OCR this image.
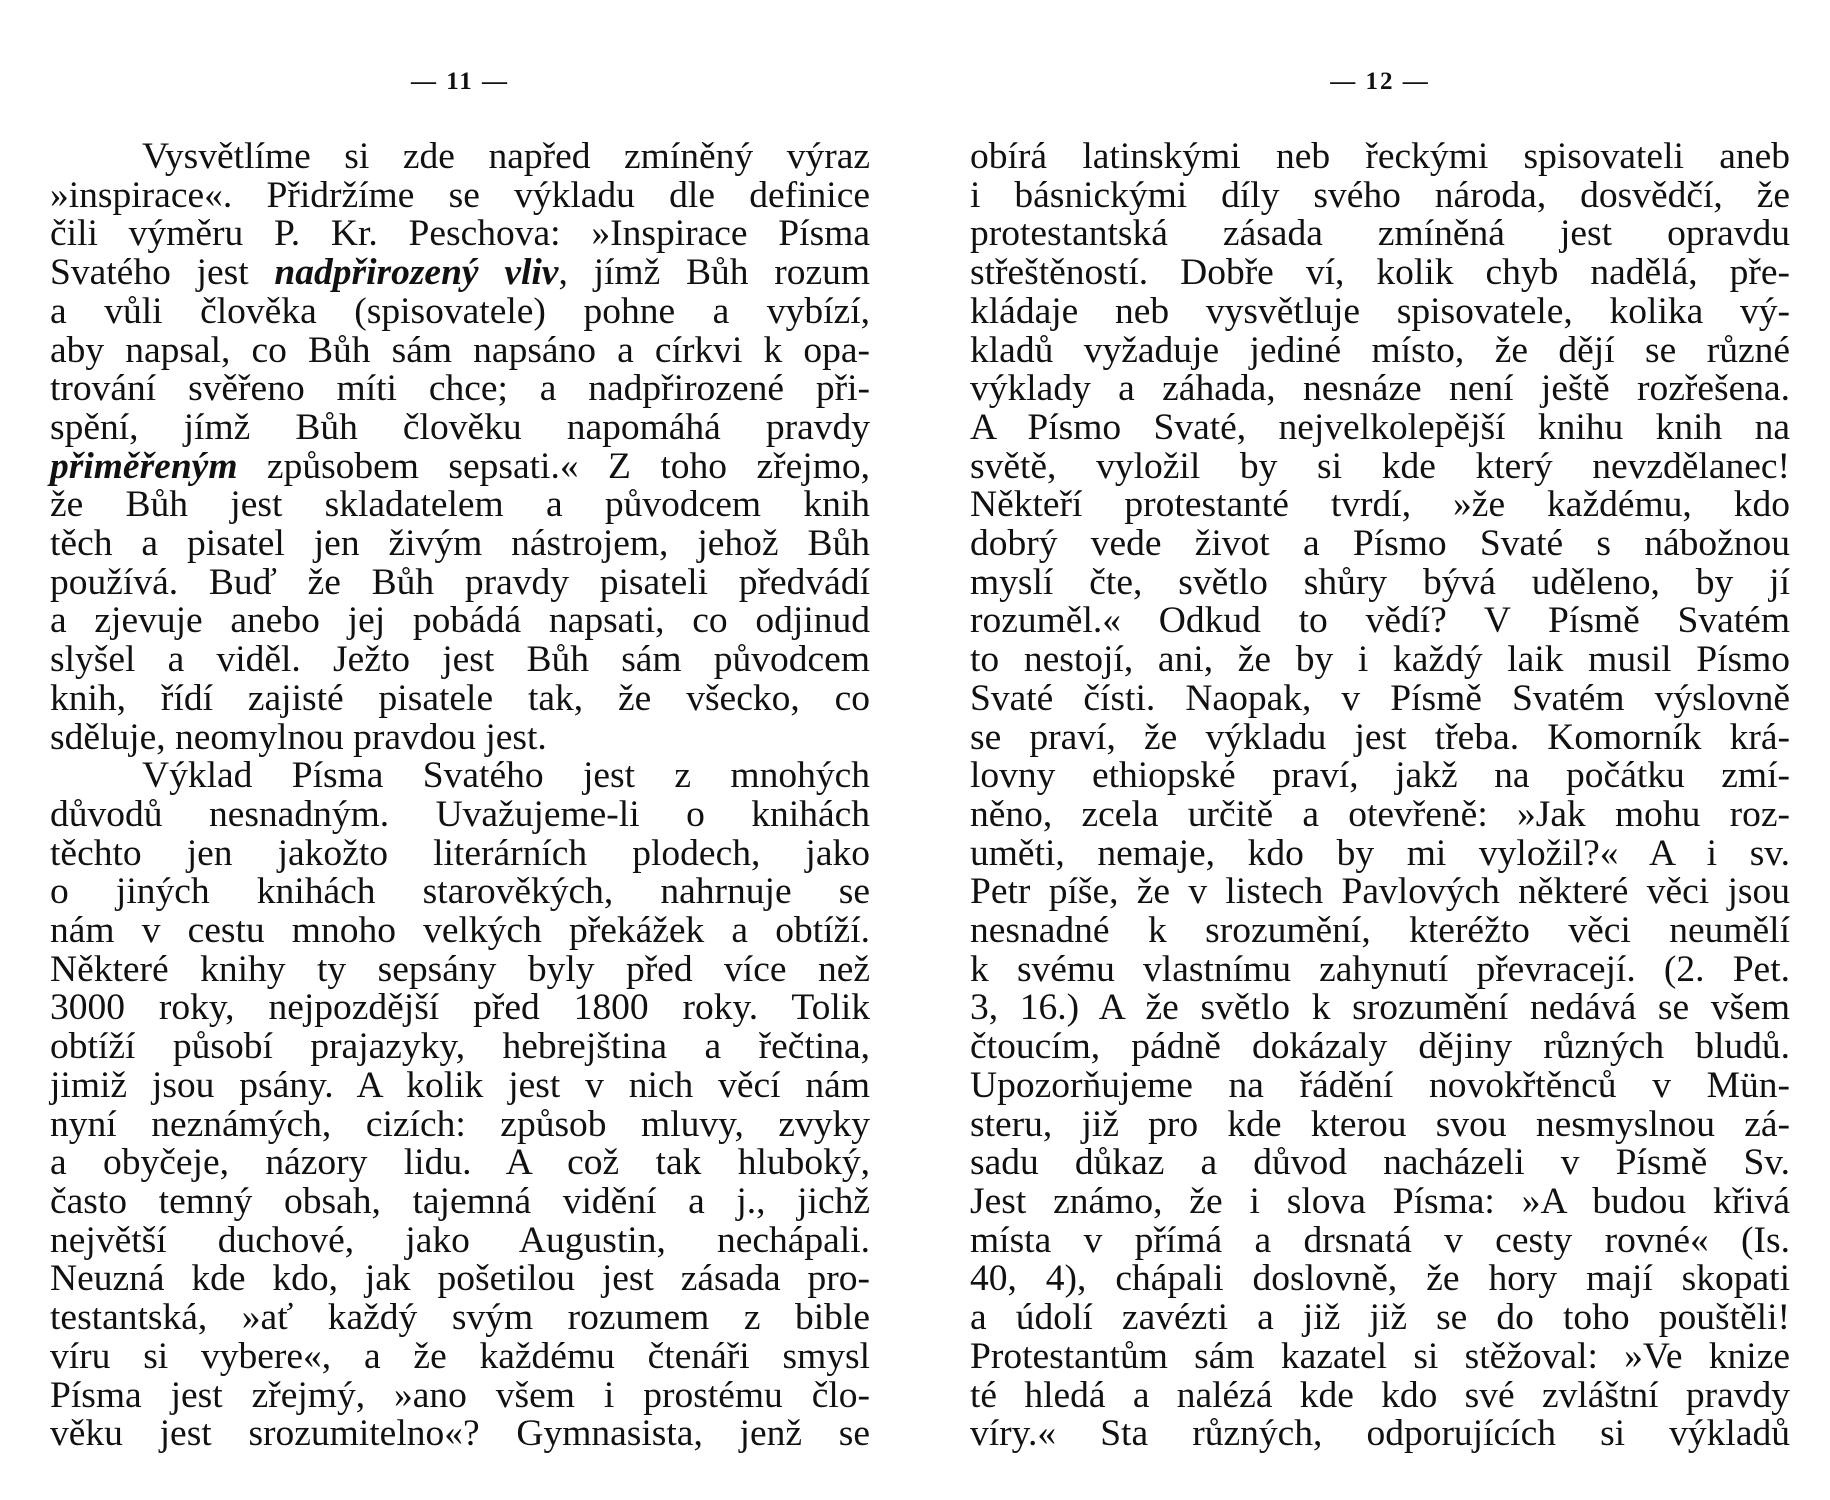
— 11 —
Vysvětlíme si zde napřed zmíněný výraz
»inspirace«. Přidržíme se výkladu dle definice
čili výměru P. Kr. Peschova: »Inspirace Písma
Svatého jest nadpřirozený vliv, jímž Bůh rozum
a vůli člověka (spisovatele) pohne a vybízí,
aby napsal, co Bůh sám napsáno a církvi k opa-
trování svěřeno míti chce; a nadpřirozené při-
spění, jímž Bůh člověku napomáhá pravdy
přiměřeným způsobem sepsati.« Z toho zřejmo,
že Bůh jest skladatelem a původcem knih
těch a pisatel jen živým nástrojem, jehož Bůh
používá. Buď že Bůh pravdy pisateli předvádí
a zjevuje anebo jej pobádá napsati, co odjinud
slyšel a viděl. Ježto jest Bůh sám původcem
knih, řídí zajisté pisatele tak, že všecko, co
sděluje, neomylnou pravdou jest.
Výklad Písma Svatého jest z mnohých
důvodů nesnadným. Uvažujeme-li o knihách
těchto jen jakožto literárních plodech, jako
o jiných knihách starověkých, nahrnuje se
nám v cestu mnoho velkých překážek a obtíží.
Některé knihy ty sepsány byly před více než
3000 roky, nejpozdější před 1800 roky. Tolik
obtíží působí prajazyky, hebrejština a řečtina,
jimiž jsou psány. A kolik jest v nich věcí nám
nyní neznámých, cizích: způsob mluvy, zvyky
a obyčeje, názory lidu. A což tak hluboký,
často temný obsah, tajemná vidění a j., jichž
největší duchové, jako Augustin, nechápali.
Neuzná kde kdo, jak pošetilou jest zásada pro-
testantská, »ať každý svým rozumem z bible
víru si vybere«, a že každému čtenáři smysl
Písma jest zřejmý, »ano všem i prostému člo-
věku jest srozumitelno«? Gymnasista, jenž se
— 12 —
obírá latinskými neb řeckými spisovateli aneb
i básnickými díly svého národa, dosvědčí, že
protestantská zásada zmíněná jest opravdu
střeštěností. Dobře ví, kolik chyb nadělá, pře-
kládaje neb vysvětluje spisovatele, kolika vý-
kladů vyžaduje jediné místo, že dějí se různé
výklady a záhada, nesnáze není ještě rozřešena.
A Písmo Svaté, nejvelkolepější knihu knih na
světě, vyložil by si kde který nevzdělanec!
Někteří protestanté tvrdí, »že každému, kdo
dobrý vede život a Písmo Svaté s nábožnou
myslí čte, světlo shůry bývá uděleno, by jí
rozuměl.« Odkud to vědí? V Písmě Svatém
to nestojí, ani, že by i každý laik musil Písmo
Svaté čísti. Naopak, v Písmě Svatém výslovně
se praví, že výkladu jest třeba. Komorník krá-
lovny ethiopské praví, jakž na počátku zmí-
něno, zcela určitě a otevřeně: »Jak mohu roz-
uměti, nemaje, kdo by mi vyložil?« A i sv.
Petr píše, že v listech Pavlových některé věci jsou
nesnadné k srozumění, kteréžto věci neumělí
k svému vlastnímu zahynutí převracejí. (2. Pet.
3, 16.) A že světlo k srozumění nedává se všem
čtoucím, pádně dokázaly dějiny různých bludů.
Upozorňujeme na řádění novokřtěnců v Mün-
steru, již pro kde kterou svou nesmyslnou zá-
sadu důkaz a důvod nacházeli v Písmě Sv.
Jest známo, že i slova Písma: »A budou křivá
místa v přímá a drsnatá v cesty rovné« (Is.
40, 4), chápali doslovně, že hory mají skopati
a údolí zavézti a již již se do toho pouštěli!
Protestantům sám kazatel si stěžoval: »Ve knize
té hledá a nalézá kde kdo své zvláštní pravdy
víry.« Sta různých, odporujících si výkladů
